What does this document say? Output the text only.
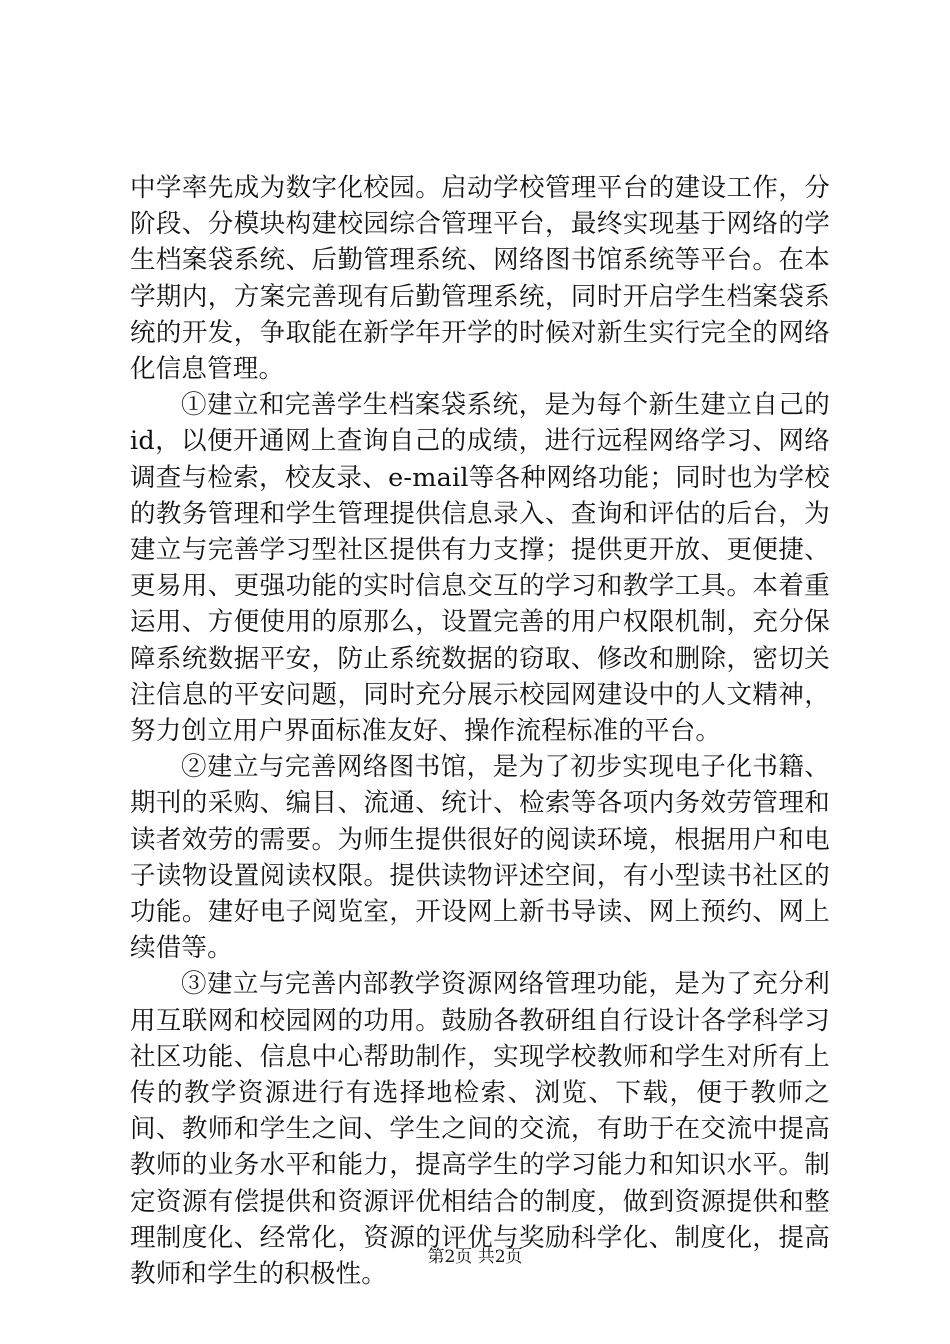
中学率先成为数字化校园。启动学校管理平台的建设工作，分阶段、分模块构建校园综合管理平台，最终实现基于网络的学生档案袋系统、后勤管理系统、网络图书馆系统等平台。在本学期内，方案完善现有后勤管理系统，同时开启学生档案袋系统的开发，争取能在新学年开学的时候对新生实行完全的网络化信息管理。

①建立和完善学生档案袋系统，是为每个新生建立自己的id，以便开通网上查询自己的成绩，进行远程网络学习、网络调查与检索，校友录、e-mail等各种网络功能；同时也为学校的教务管理和学生管理提供信息录入、查询和评估的后台，为建立与完善学习型社区提供有力支撑；提供更开放、更便捷、更易用、更强功能的实时信息交互的学习和教学工具。本着重运用、方便使用的原那么，设置完善的用户权限机制，充分保障系统数据平安，防止系统数据的窃取、修改和删除，密切关注信息的平安问题，同时充分展示校园网建设中的人文精神，努力创立用户界面标准友好、操作流程标准的平台。

②建立与完善网络图书馆，是为了初步实现电子化书籍、期刊的采购、编目、流通、统计、检索等各项内务效劳管理和读者效劳的需要。为师生提供很好的阅读环境，根据用户和电子读物设置阅读权限。提供读物评述空间，有小型读书社区的功能。建好电子阅览室，开设网上新书导读、网上预约、网上续借等。

③建立与完善内部教学资源网络管理功能，是为了充分利用互联网和校园网的功用。鼓励各教研组自行设计各学科学习社区功能、信息中心帮助制作，实现学校教师和学生对所有上传的教学资源进行有选择地检索、浏览、下载，便于教师之间、教师和学生之间、学生之间的交流，有助于在交流中提高教师的业务水平和能力，提高学生的学习能力和知识水平。制定资源有偿提供和资源评优相结合的制度，做到资源提供和整理制度化、经常化，资源的评优与奖励科学化、制度化，提高教师和学生的积极性。

第2页 共2页
